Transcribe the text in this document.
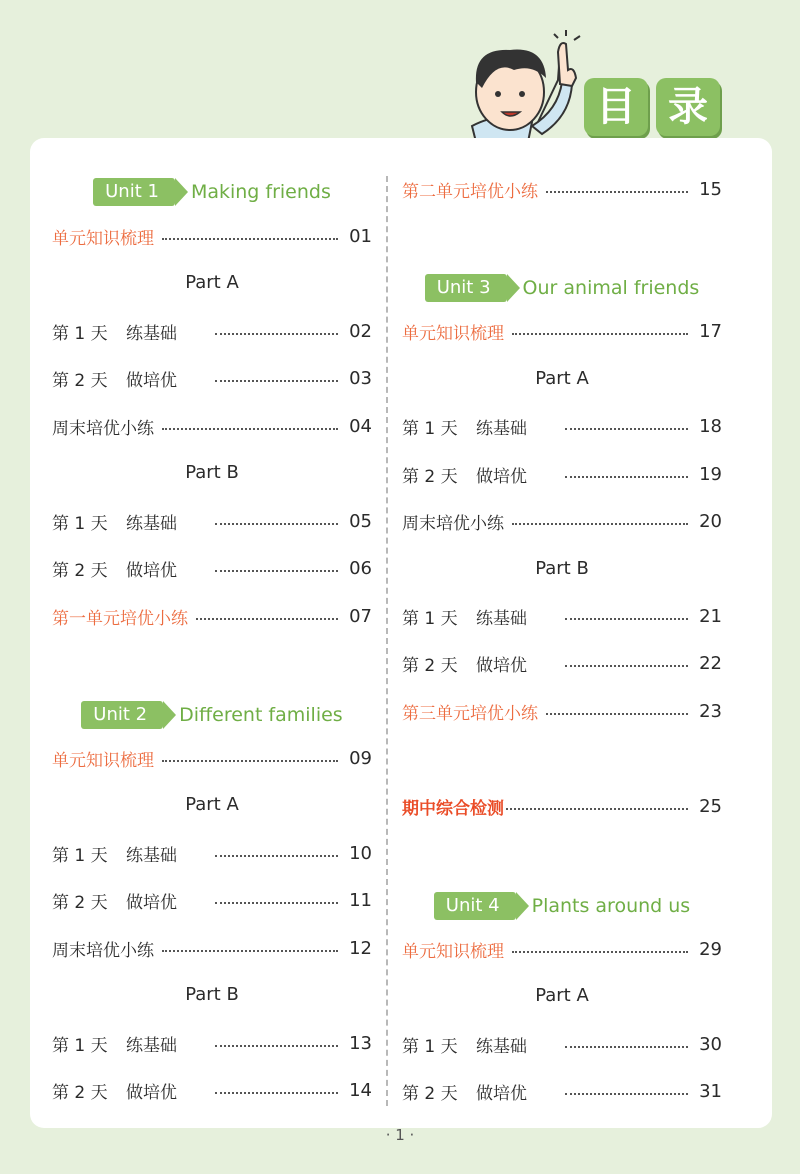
目 录
Unit 1	Making friends
单元知识梳理	01
Part A
第 1 天	练基础	02
第 2 天	做培优	03
周末培优小练	04
Part B
第 1 天	练基础	05
第 2 天	做培优	06
第一单元培优小练	07
Unit 2	Different families
单元知识梳理	09
Part A
第 1 天	练基础	10
第 2 天	做培优	11
周末培优小练	12
Part B
第 1 天	练基础	13
第 2 天	做培优	14
第二单元培优小练	15
Unit 3	Our animal friends
单元知识梳理	17
Part A
第 1 天	练基础	18
第 2 天	做培优	19
周末培优小练	20
Part B
第 1 天	练基础	21
第 2 天	做培优	22
第三单元培优小练	23
期中综合检测	25
Unit 4	Plants around us
单元知识梳理	29
Part A
第 1 天	练基础	30
第 2 天	做培优	31
· 1 ·
